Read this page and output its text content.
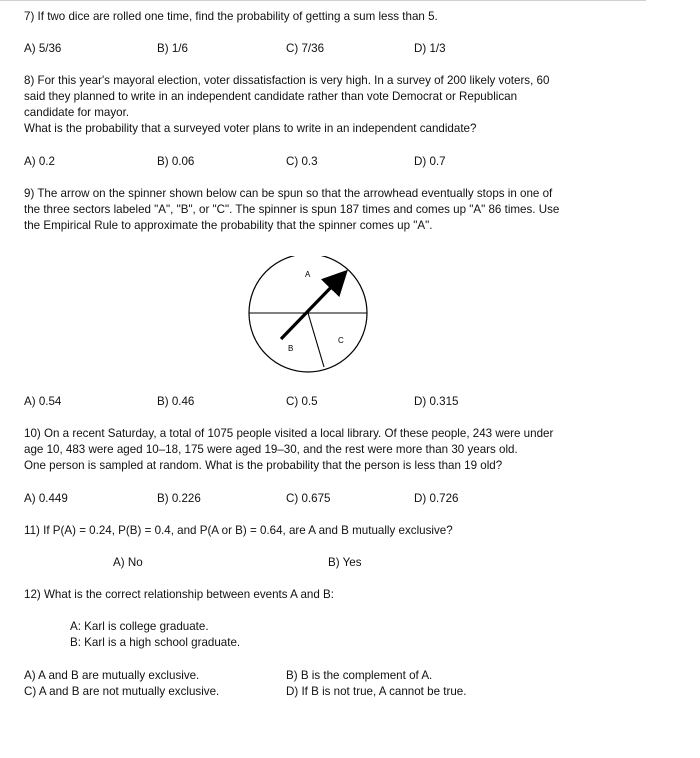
7) If two dice are rolled one time, find the probability of getting a sum less than 5.
A) 5/36	B) 1/6	C) 7/36	D) 1/3
8) For this year's mayoral election, voter dissatisfaction is very high. In a survey of 200 likely voters, 60
said they planned to write in an independent candidate rather than vote Democrat or Republican
candidate for mayor.
What is the probability that a surveyed voter plans to write in an independent candidate?
A) 0.2	B) 0.06	C) 0.3	D) 0.7
9) The arrow on the spinner shown below can be spun so that the arrowhead eventually stops in one of
the three sectors labeled "A", "B", or "C". The spinner is spun 187 times and comes up "A" 86 times. Use
the Empirical Rule to approximate the probability that the spinner comes up "A".
A
B
C
A) 0.54	B) 0.46	C) 0.5	D) 0.315
10) On a recent Saturday, a total of 1075 people visited a local library. Of these people, 243 were under
age 10, 483 were aged 10–18, 175 were aged 19–30, and the rest were more than 30 years old.
One person is sampled at random. What is the probability that the person is less than 19 old?
A) 0.449	B) 0.226	C) 0.675	D) 0.726
11) If P(A) = 0.24, P(B) = 0.4, and P(A or B) = 0.64, are A and B mutually exclusive?
A) No	B) Yes
12) What is the correct relationship between events A and B:
A: Karl is college graduate.
B: Karl is a high school graduate.
A) A and B are mutually exclusive.	B) B is the complement of A.
C) A and B are not mutually exclusive.	D) If B is not true, A cannot be true.
